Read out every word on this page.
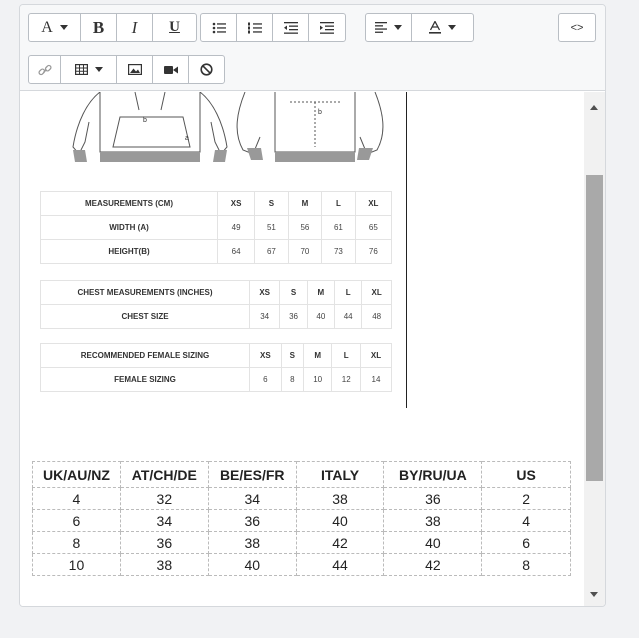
A	B	I	U	<>
b
a
b
MEASUREMENTS (CM)	XS	S	M	L	XL
WIDTH (A)	49	51	56	61	65
HEIGHT(B)	64	67	70	73	76
CHEST MEASUREMENTS (INCHES)	XS	S	M	L	XL
CHEST SIZE	34	36	40	44	48
RECOMMENDED FEMALE SIZING	XS	S	M	L	XL
FEMALE SIZING	6	8	10	12	14
UK/AU/NZ	AT/CH/DE	BE/ES/FR	ITALY	BY/RU/UA	US
4	32	34	38	36	2
6	34	36	40	38	4
8	36	38	42	40	6
10	38	40	44	42	8
